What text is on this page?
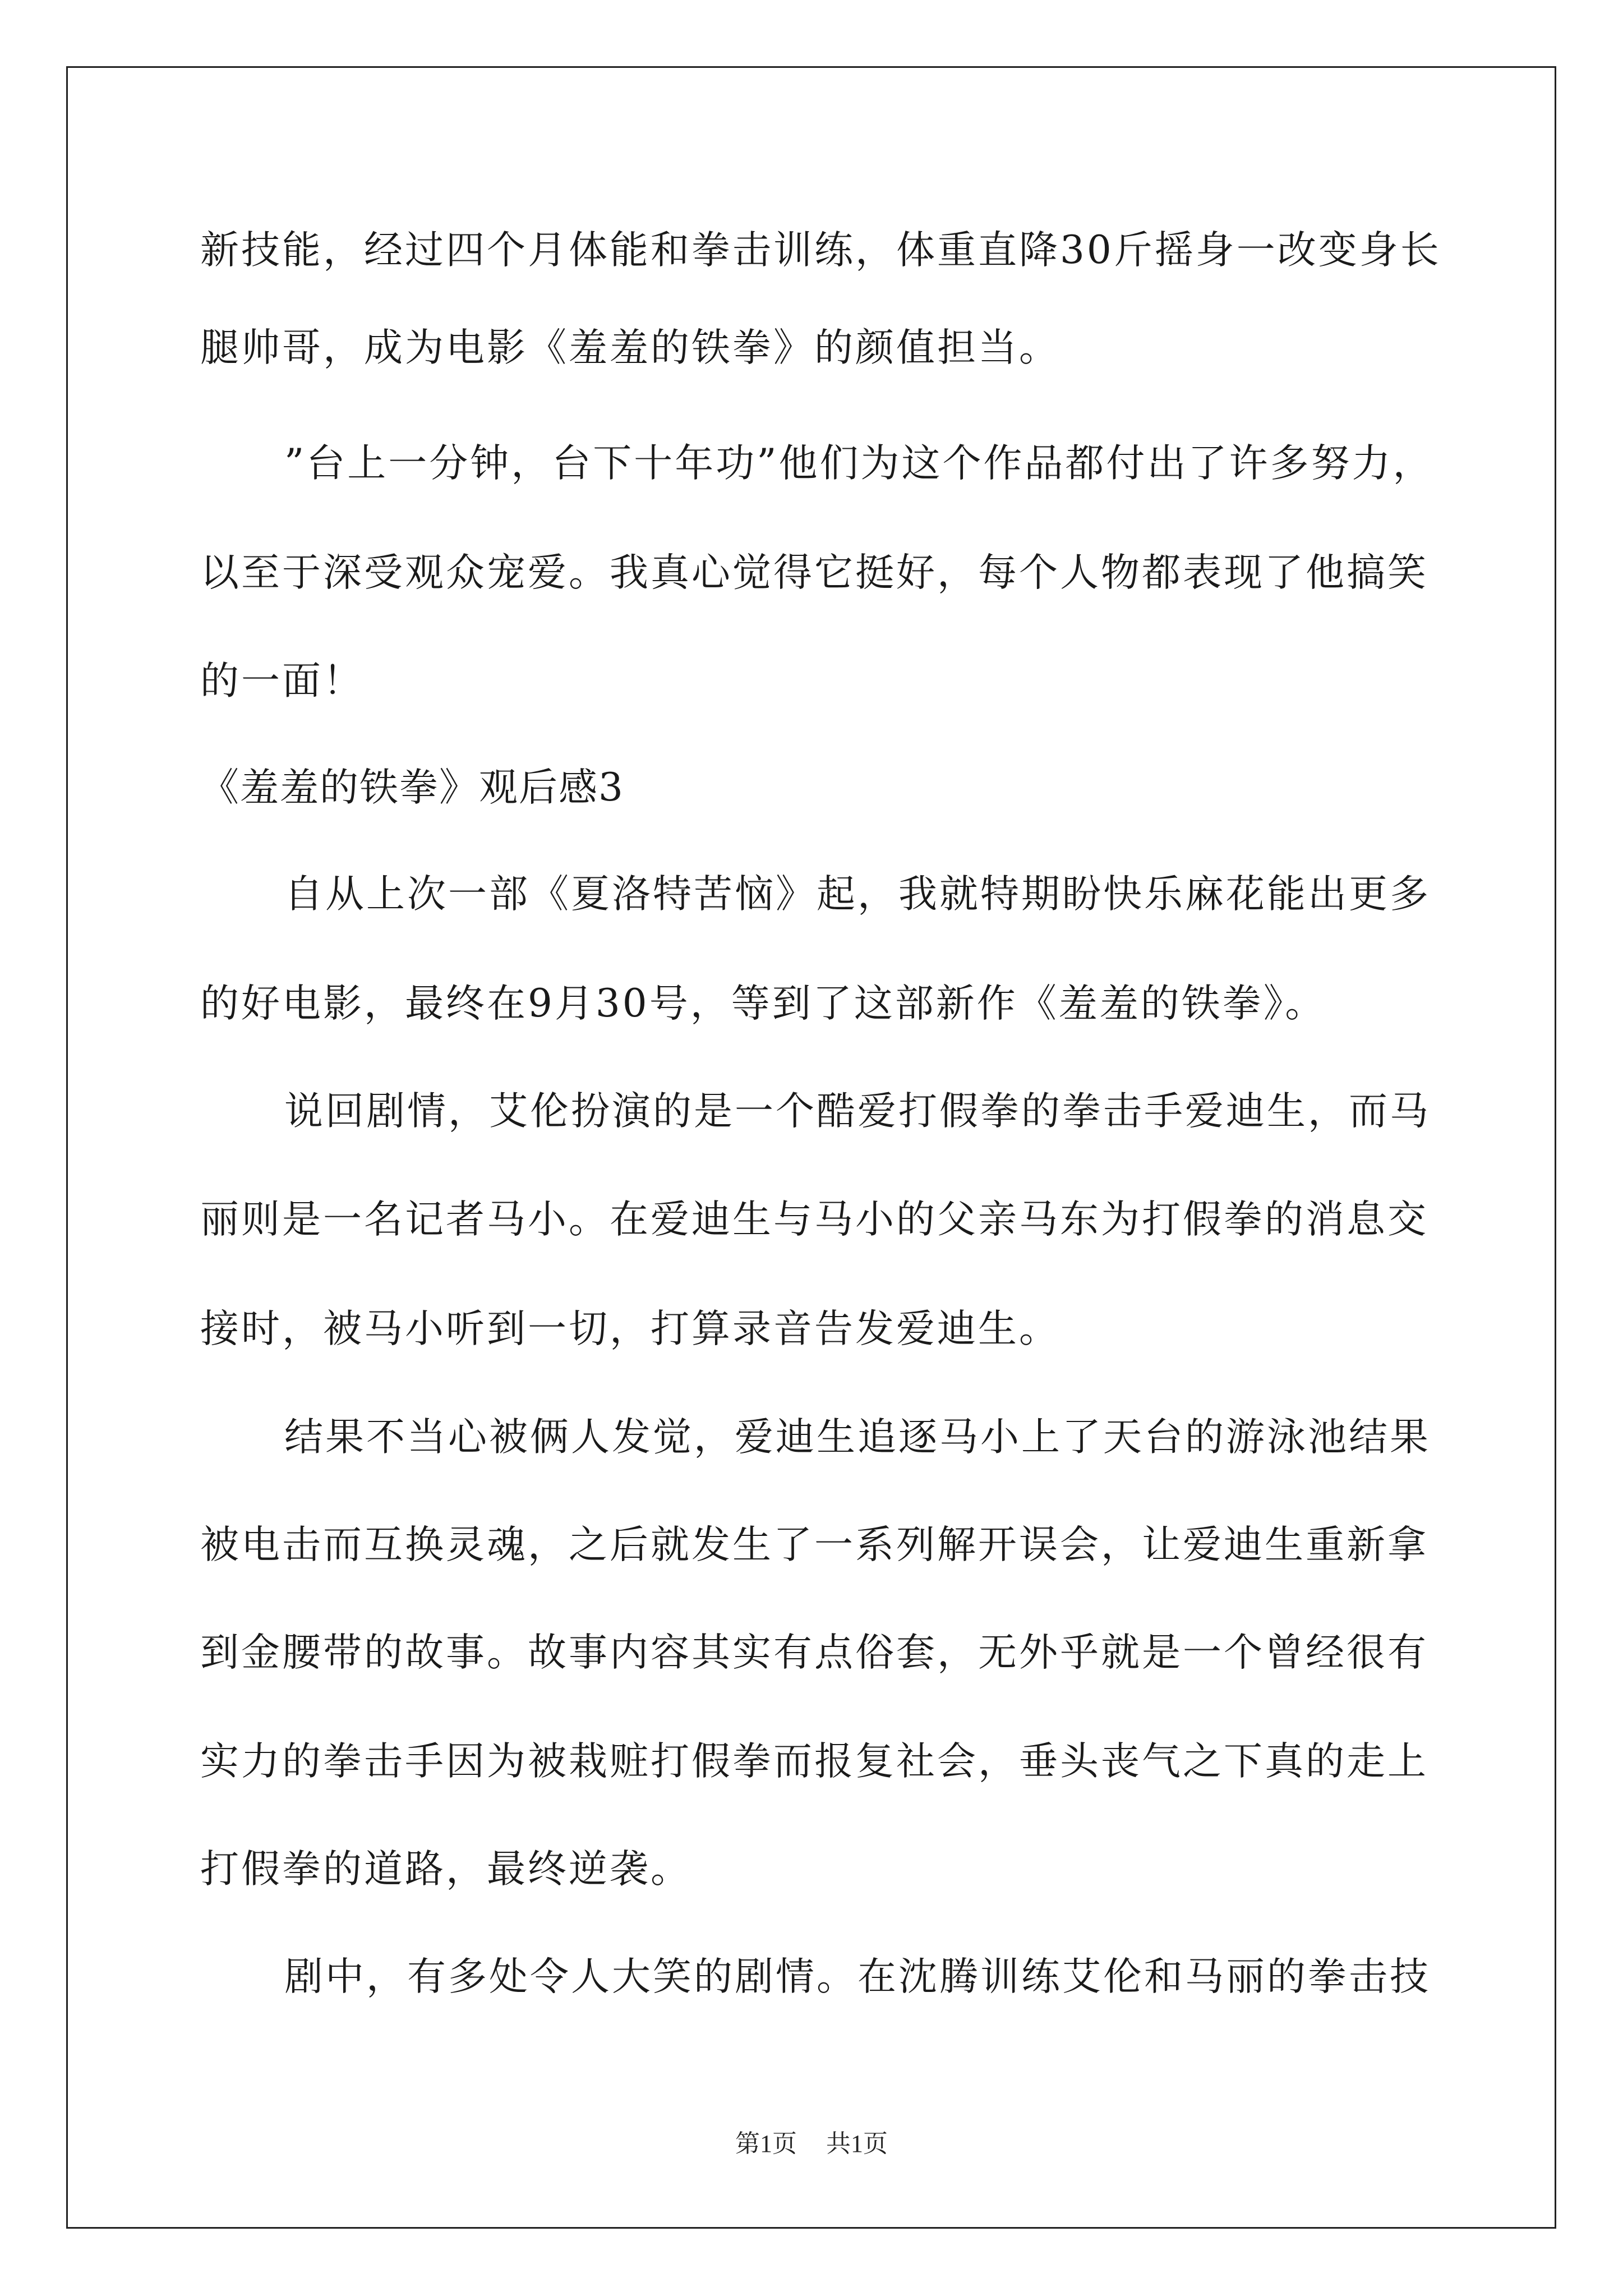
新技能，经过四个月体能和拳击训练，体重直降30斤摇身一改变身长
腿帅哥，成为电影《羞羞的铁拳》的颜值担当。
”台上一分钟，台下十年功”他们为这个作品都付出了许多努力，
以至于深受观众宠爱。我真心觉得它挺好，每个人物都表现了他搞笑
的一面！
《羞羞的铁拳》观后感3
自从上次一部《夏洛特苦恼》起，我就特期盼快乐麻花能出更多
的好电影，最终在9月30号，等到了这部新作《羞羞的铁拳》。
说回剧情，艾伦扮演的是一个酷爱打假拳的拳击手爱迪生，而马
丽则是一名记者马小。在爱迪生与马小的父亲马东为打假拳的消息交
接时，被马小听到一切，打算录音告发爱迪生。
结果不当心被俩人发觉，爱迪生追逐马小上了天台的游泳池结果
被电击而互换灵魂，之后就发生了一系列解开误会，让爱迪生重新拿
到金腰带的故事。故事内容其实有点俗套，无外乎就是一个曾经很有
实力的拳击手因为被栽赃打假拳而报复社会，垂头丧气之下真的走上
打假拳的道路，最终逆袭。
剧中，有多处令人大笑的剧情。在沈腾训练艾伦和马丽的拳击技
第1页 共1页
